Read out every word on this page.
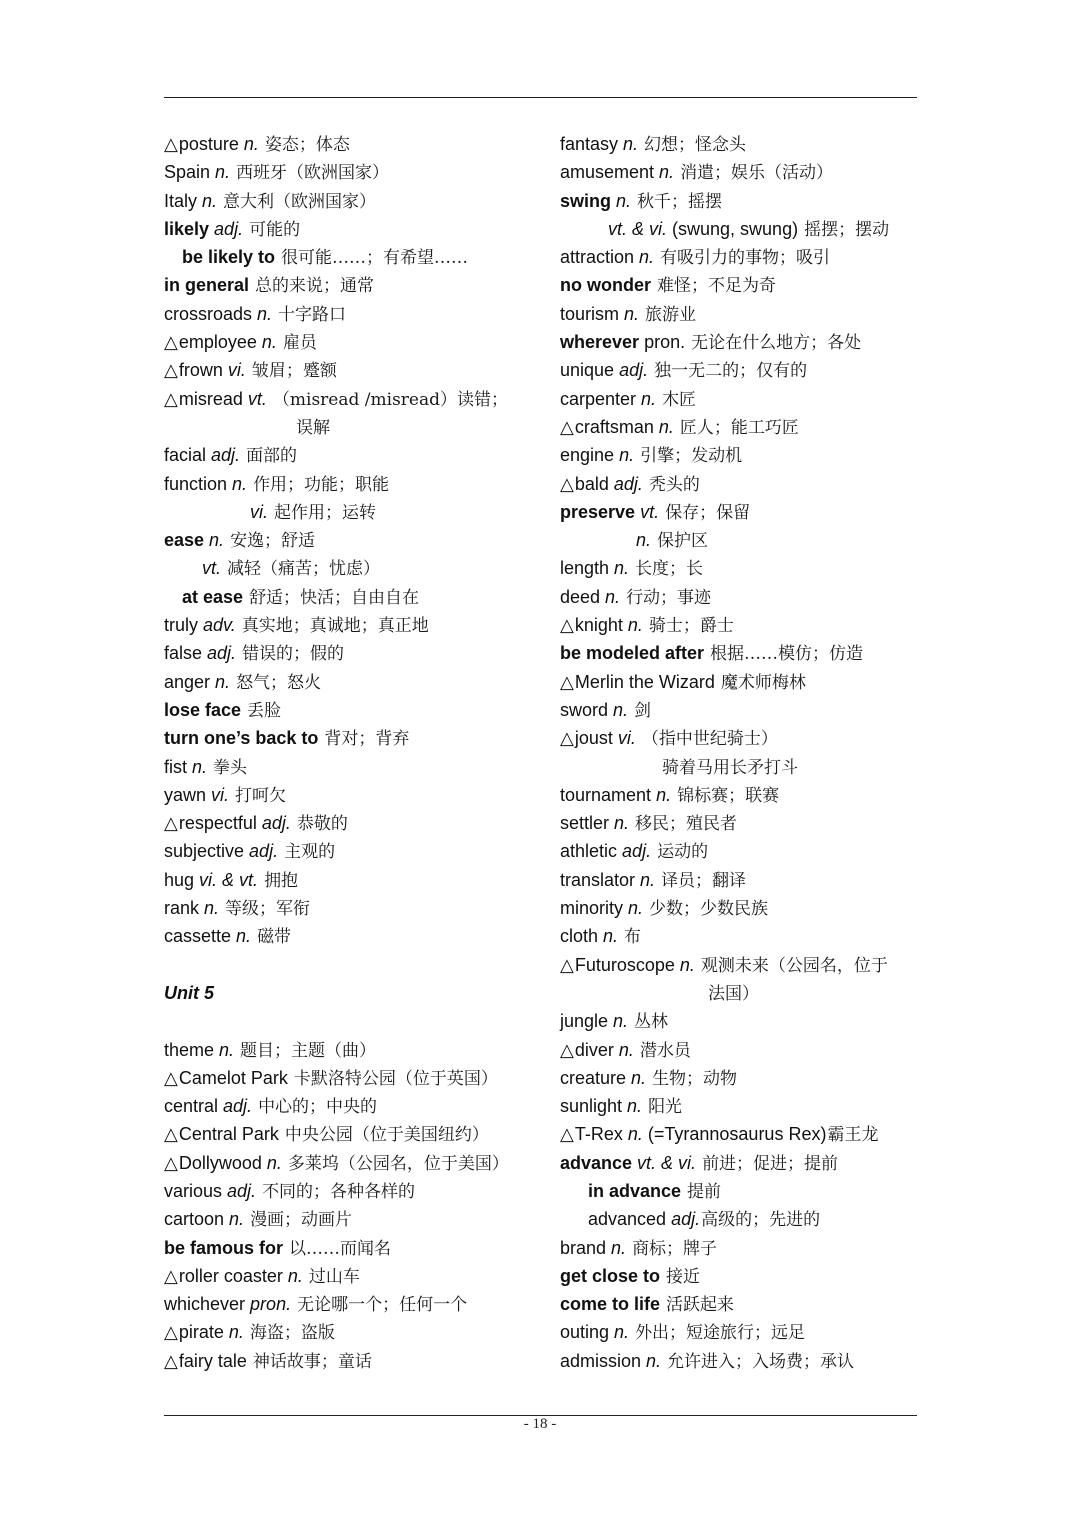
△posture n. 姿态；体态
Spain n. 西班牙（欧洲国家）
Italy n. 意大利（欧洲国家）
likely adj. 可能的
be likely to 很可能……；有希望……
in general 总的来说；通常
crossroads n. 十字路口
△employee n. 雇员
△frown vi. 皱眉；蹙额
△misread vt. （misread /misread）读错；
误解
facial adj. 面部的
function n. 作用；功能；职能
vi. 起作用；运转
ease n. 安逸；舒适
vt. 减轻（痛苦；忧虑）
at ease 舒适；快活；自由自在
truly adv. 真实地；真诚地；真正地
false adj. 错误的；假的
anger n. 怒气；怒火
lose face 丢脸
turn one’s back to 背对；背弃
fist n. 拳头
yawn vi. 打呵欠
△respectful adj. 恭敬的
subjective adj. 主观的
hug vi. & vt. 拥抱
rank n. 等级；军衔
cassette n. 磁带
Unit 5
theme n. 题目；主题（曲）
△Camelot Park 卡默洛特公园（位于英国）
central adj. 中心的；中央的
△Central Park 中央公园（位于美国纽约）
△Dollywood n. 多莱坞（公园名，位于美国）
various adj. 不同的；各种各样的
cartoon n. 漫画；动画片
be famous for 以……而闻名
△roller coaster n. 过山车
whichever pron. 无论哪一个；任何一个
△pirate n. 海盗；盗版
△fairy tale 神话故事；童话
fantasy n. 幻想；怪念头
amusement n. 消遣；娱乐（活动）
swing n. 秋千；摇摆
vt. & vi. (swung, swung) 摇摆；摆动
attraction n. 有吸引力的事物；吸引
no wonder 难怪；不足为奇
tourism n. 旅游业
wherever pron. 无论在什么地方；各处
unique adj. 独一无二的；仅有的
carpenter n. 木匠
△craftsman n. 匠人；能工巧匠
engine n. 引擎；发动机
△bald adj. 秃头的
preserve vt. 保存；保留
n. 保护区
length n. 长度；长
deed n. 行动；事迹
△knight n. 骑士；爵士
be modeled after 根据……模仿；仿造
△Merlin the Wizard 魔术师梅林
sword n. 剑
△joust vi. （指中世纪骑士）
骑着马用长矛打斗
tournament n. 锦标赛；联赛
settler n. 移民；殖民者
athletic adj. 运动的
translator n. 译员；翻译
minority n. 少数；少数民族
cloth n. 布
△Futuroscope n. 观测未来（公园名，位于
法国）
jungle n. 丛林
△diver n. 潜水员
creature n. 生物；动物
sunlight n. 阳光
△T-Rex n. (=Tyrannosaurus Rex)霸王龙
advance vt. & vi. 前进；促进；提前
in advance 提前
advanced adj.高级的；先进的
brand n. 商标；牌子
get close to 接近
come to life 活跃起来
outing n. 外出；短途旅行；远足
admission n. 允许进入；入场费；承认
- 18 -
